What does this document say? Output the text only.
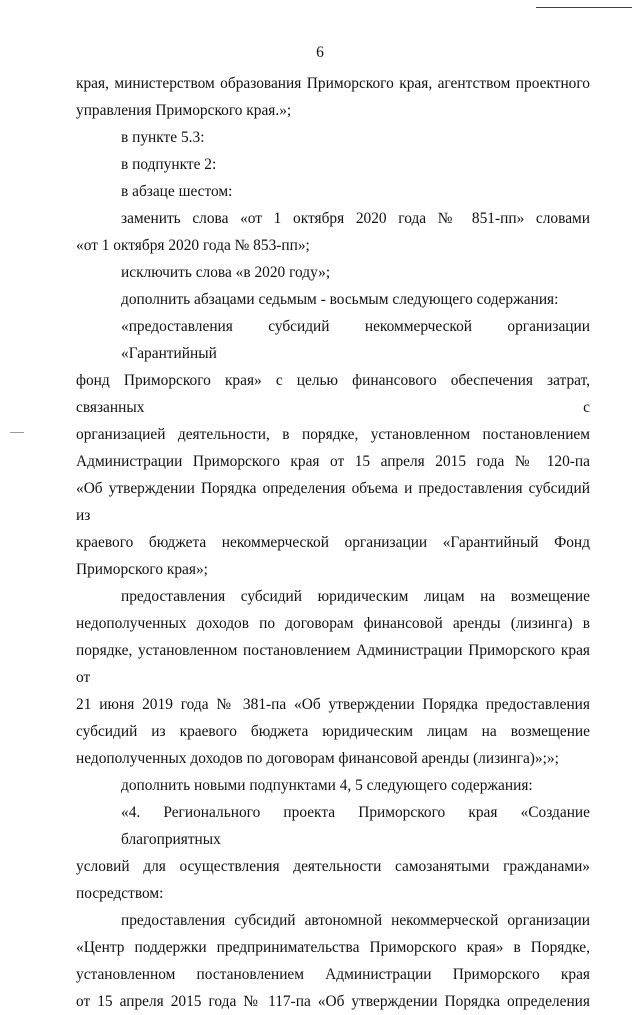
6
края, министерством образования Приморского края, агентством проектного
управления Приморского края.»;
в пункте 5.3:
в подпункте 2:
в абзаце шестом:
заменить слова «от 1 октября 2020 года № 851-пп» словами
«от 1 октября 2020 года № 853-пп»;
исключить слова «в 2020 году»;
дополнить абзацами седьмым - восьмым следующего содержания:
«предоставления субсидий некоммерческой организации «Гарантийный
фонд Приморского края» с целью финансового обеспечения затрат, связанных с
организацией деятельности, в порядке, установленном постановлением
Администрации Приморского края от 15 апреля 2015 года № 120-па
«Об утверждении Порядка определения объема и предоставления субсидий из
краевого бюджета некоммерческой организации «Гарантийный Фонд
Приморского края»;
предоставления субсидий юридическим лицам на возмещение
недополученных доходов по договорам финансовой аренды (лизинга) в
порядке, установленном постановлением Администрации Приморского края от
21 июня 2019 года № 381-па «Об утверждении Порядка предоставления
субсидий из краевого бюджета юридическим лицам на возмещение
недополученных доходов по договорам финансовой аренды (лизинга)»;»;
дополнить новыми подпунктами 4, 5 следующего содержания:
«4. Регионального проекта Приморского края «Создание благоприятных
условий для осуществления деятельности самозанятыми гражданами»
посредством:
предоставления субсидий автономной некоммерческой организации
«Центр поддержки предпринимательства Приморского края» в Порядке,
установленном постановлением Администрации Приморского края
от 15 апреля 2015 года № 117-па «Об утверждении Порядка определения
